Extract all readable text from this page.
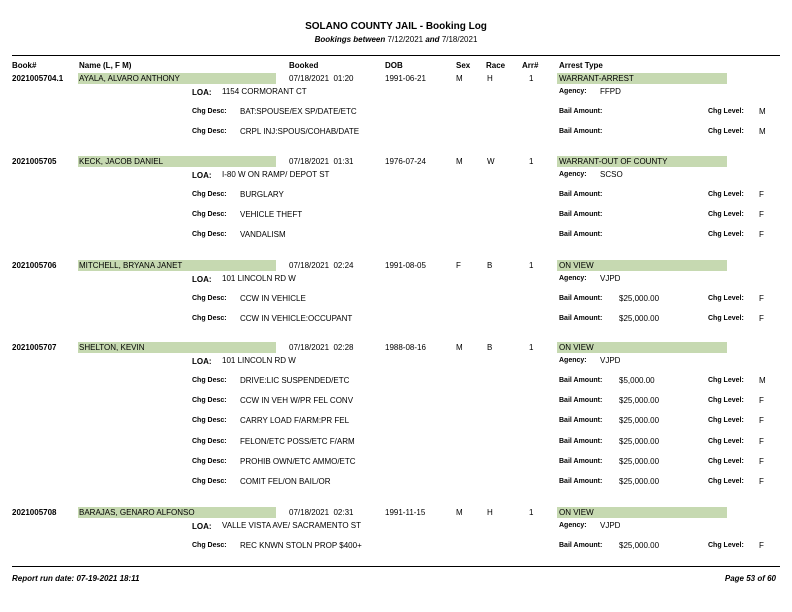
SOLANO COUNTY JAIL - Booking Log
Bookings between 7/12/2021 and 7/18/2021
Book#	Name (L, F M)	Booked	DOB	Sex Race Arr#	Arrest Type
2021005704.1 AYALA, ALVARO ANTHONY	07/18/2021  01:20	1991-06-21	M	H	1	WARRANT-ARREST
LOA: 1154 CORMORANT CT	Agency: FFPD
Chg Desc: BAT:SPOUSE/EX SP/DATE/ETC	Bail Amount:	Chg Level: M
Chg Desc: CRPL INJ:SPOUS/COHAB/DATE	Bail Amount:	Chg Level: M
2021005705	KECK, JACOB DANIEL	07/18/2021  01:31	1976-07-24	M	W	1	WARRANT-OUT OF COUNTY
LOA: I-80 W ON RAMP/ DEPOT ST	Agency: SCSO
Chg Desc: BURGLARY	Bail Amount:	Chg Level: F
Chg Desc: VEHICLE THEFT	Bail Amount:	Chg Level: F
Chg Desc: VANDALISM	Bail Amount:	Chg Level: F
2021005706	MITCHELL, BRYANA JANET	07/18/2021  02:24	1991-08-05	F	B	1	ON VIEW
LOA: 101 LINCOLN RD W	Agency: VJPD
Chg Desc: CCW IN VEHICLE	Bail Amount: $25,000.00	Chg Level: F
Chg Desc: CCW IN VEHICLE:OCCUPANT	Bail Amount: $25,000.00	Chg Level: F
2021005707	SHELTON, KEVIN	07/18/2021  02:28	1988-08-16	M	B	1	ON VIEW
LOA: 101 LINCOLN RD W	Agency: VJPD
Chg Desc: DRIVE:LIC SUSPENDED/ETC	Bail Amount: $5,000.00	Chg Level: M
Chg Desc: CCW IN VEH W/PR FEL CONV	Bail Amount: $25,000.00	Chg Level: F
Chg Desc: CARRY LOAD F/ARM:PR FEL	Bail Amount: $25,000.00	Chg Level: F
Chg Desc: FELON/ETC POSS/ETC F/ARM	Bail Amount: $25,000.00	Chg Level: F
Chg Desc: PROHIB OWN/ETC AMMO/ETC	Bail Amount: $25,000.00	Chg Level: F
Chg Desc: COMIT FEL/ON BAIL/OR	Bail Amount: $25,000.00	Chg Level: F
2021005708	BARAJAS, GENARO ALFONSO	07/18/2021  02:31	1991-11-15	M	H	1	ON VIEW
LOA: VALLE VISTA AVE/ SACRAMENTO ST	Agency: VJPD
Chg Desc: REC KNWN STOLN PROP $400+	Bail Amount: $25,000.00	Chg Level: F
Report run date: 07-19-2021 18:11	Page 53 of 60
